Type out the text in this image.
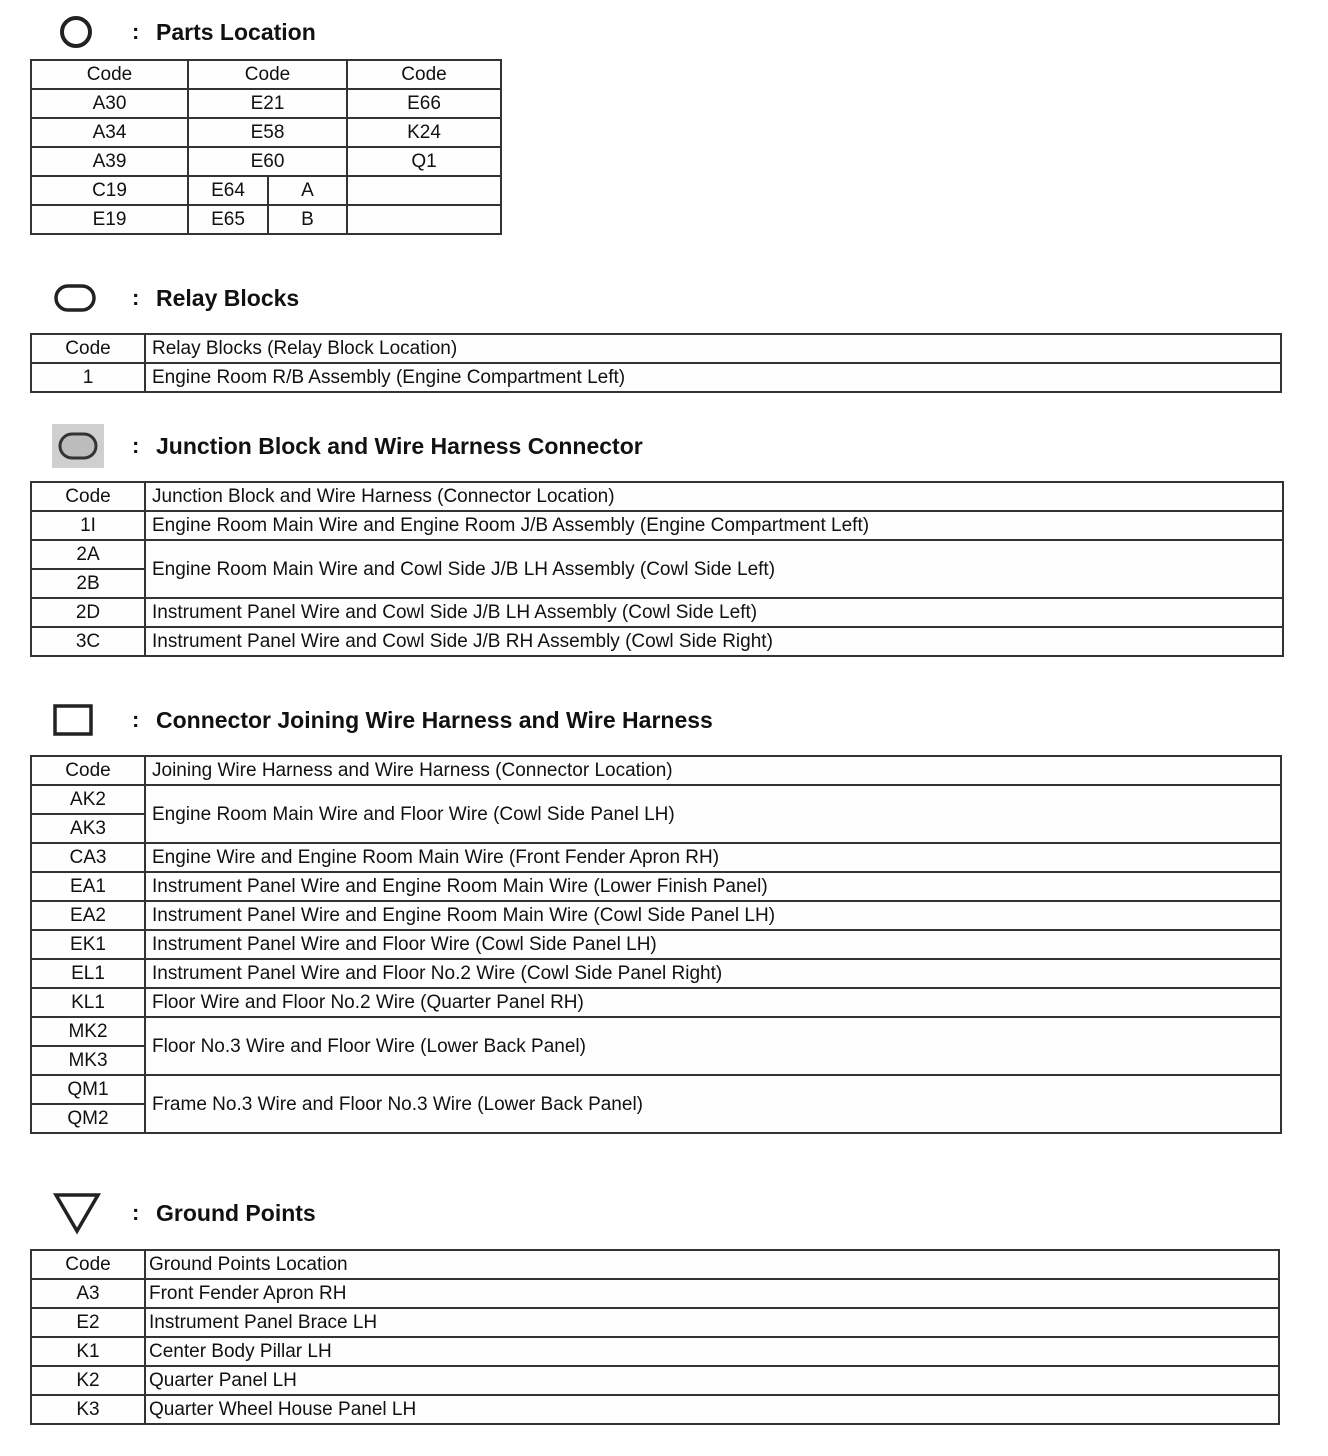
: Parts Location
Code	Code		Code
A30	E21		E66
A34	E58		K24
A39	E60		Q1
C19	E64	A	
E19	E65	B	
: Relay Blocks
Code	Relay Blocks (Relay Block Location)
1	Engine Room R/B Assembly (Engine Compartment Left)
: Junction Block and Wire Harness Connector
Code	Junction Block and Wire Harness (Connector Location)
1I	Engine Room Main Wire and Engine Room J/B Assembly (Engine Compartment Left)
2A	Engine Room Main Wire and Cowl Side J/B LH Assembly (Cowl Side Left)
2B	
2D	Instrument Panel Wire and Cowl Side J/B LH Assembly (Cowl Side Left)
3C	Instrument Panel Wire and Cowl Side J/B RH Assembly (Cowl Side Right)
: Connector Joining Wire Harness and Wire Harness
Code	Joining Wire Harness and Wire Harness (Connector Location)
AK2	Engine Room Main Wire and Floor Wire (Cowl Side Panel LH)
AK3	
CA3	Engine Wire and Engine Room Main Wire (Front Fender Apron RH)
EA1	Instrument Panel Wire and Engine Room Main Wire (Lower Finish Panel)
EA2	Instrument Panel Wire and Engine Room Main Wire (Cowl Side Panel LH)
EK1	Instrument Panel Wire and Floor Wire (Cowl Side Panel LH)
EL1	Instrument Panel Wire and Floor No.2 Wire (Cowl Side Panel Right)
KL1	Floor Wire and Floor No.2 Wire (Quarter Panel RH)
MK2	Floor No.3 Wire and Floor Wire (Lower Back Panel)
MK3	
QM1	Frame No.3 Wire and Floor No.3 Wire (Lower Back Panel)
QM2	
: Ground Points
Code	Ground Points Location
A3	Front Fender Apron RH
E2	Instrument Panel Brace LH
K1	Center Body Pillar LH
K2	Quarter Panel LH
K3	Quarter Wheel House Panel LH
